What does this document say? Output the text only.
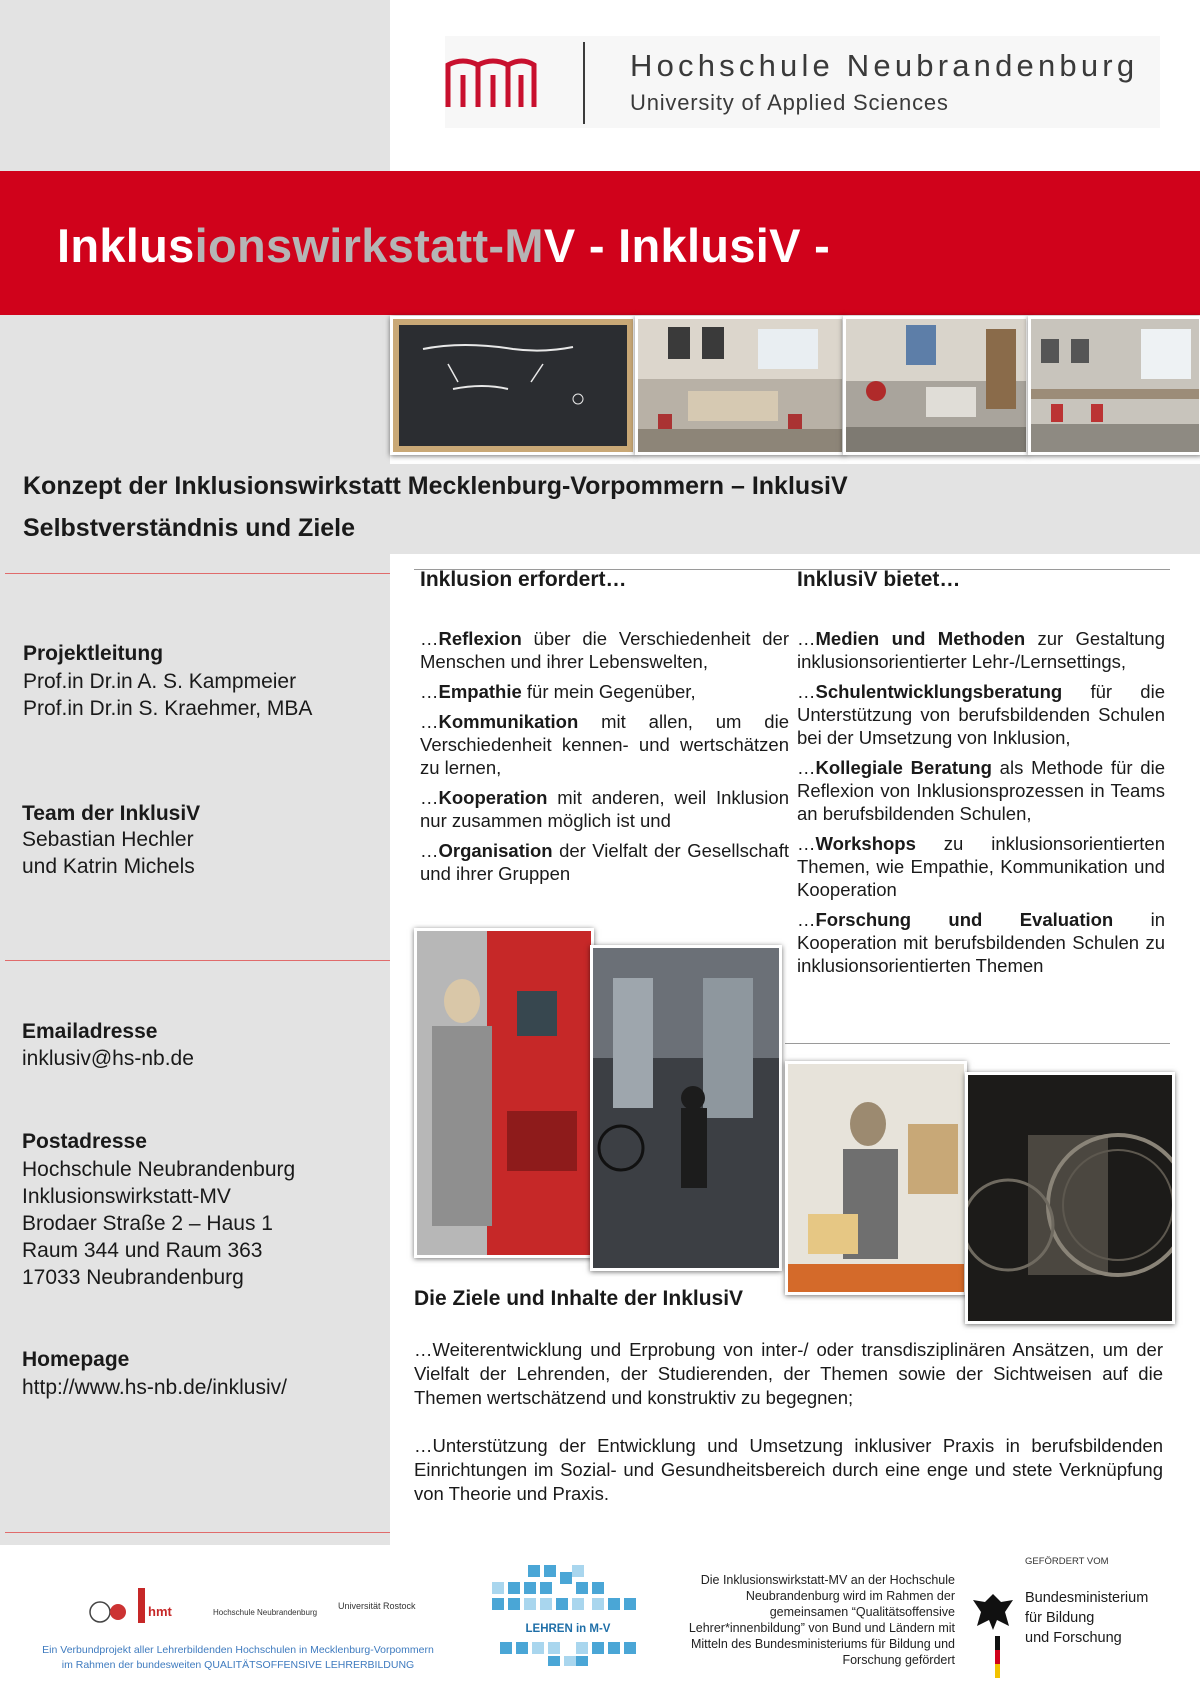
Hochschule Neubrandenburg
University of Applied Sciences
Inklusionswirkstatt-MV - InklusiV -
Konzept der Inklusionswirkstatt Mecklenburg-Vorpommern – InklusiV
Selbstverständnis und Ziele
Projektleitung
Prof.in Dr.in A. S. Kampmeier
Prof.in Dr.in S. Kraehmer, MBA
Team der InklusiV
Sebastian Hechler
und Katrin Michels
Emailadresse
inklusiv@hs-nb.de
Postadresse
Hochschule Neubrandenburg
Inklusionswirkstatt-MV
Brodaer Straße 2 – Haus 1
Raum 344 und Raum 363
17033 Neubrandenburg
Homepage
http://www.hs-nb.de/inklusiv/
Inklusion erfordert…	InklusiV bietet…

…Reflexion über die Verschiedenheit der Menschen und ihrer Lebenswelten,

…Empathie für mein Gegenüber,

…Kommunikation mit allen, um die Verschiedenheit kennen- und wertschätzen zu lernen,

…Kooperation mit anderen, weil Inklusion nur zusammen möglich ist und

…Organisation der Vielfalt der Gesellschaft und ihrer Gruppen

…Medien und Methoden zur Gestaltung inklusionsorientierter Lehr-/Lernsettings,

…Schulentwicklungsberatung für die Unterstützung von berufsbildenden Schulen bei der Umsetzung von Inklusion,

…Kollegiale Beratung als Methode für die Reflexion von Inklusionsprozessen in Teams an berufsbildenden Schulen,

…Workshops zu inklusionsorientierten Themen, wie Empathie, Kommunikation und Kooperation

…Forschung und Evaluation in Kooperation mit berufsbildenden Schulen zu inklusionsorientierten Themen

Die Ziele und Inhalte der InklusiV

…Weiterentwicklung und Erprobung von inter-/ oder transdisziplinären Ansätzen, um der Vielfalt der Lehrenden, der Studierenden, der Themen sowie der Sichtweisen auf die Themen wertschätzend und konstruktiv zu begegnen;

…Unterstützung der Entwicklung und Umsetzung inklusiver Praxis in berufsbildenden Einrichtungen im Sozial- und Gesundheitsbereich durch eine enge und stete Verknüpfung von Theorie und Praxis.

hmt	Hochschule Neubrandenburg
Universität Rostock
Ein Verbundprojekt aller Lehrerbildenden Hochschulen in Mecklenburg-Vorpommern
im Rahmen der bundesweiten QUALITÄTSOFFENSIVE LEHRERBILDUNG
LEHREN in M-V
Die Inklusionswirkstatt-MV an der Hochschule Neubrandenburg wird im Rahmen der gemeinsamen “Qualitätsoffensive Lehrer*innenbildung” von Bund und Ländern mit Mitteln des Bundesministeriums für Bildung und Forschung gefördert
GEFÖRDERT VOM
Bundesministerium
für Bildung
und Forschung
